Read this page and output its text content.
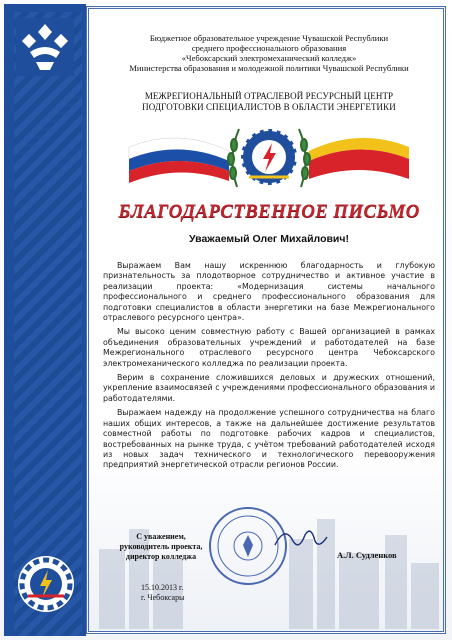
Бюджетное образовательное учреждение Чувашской Республики
среднего профессионального образования
«Чебоксарский электромеханический колледж»
Министерства образования и молодежной политики Чувашской Республики
МЕЖРЕГИОНАЛЬНЫЙ ОТРАСЛЕВОЙ РЕСУРСНЫЙ ЦЕНТР
ПОДГОТОВКИ СПЕЦИАЛИСТОВ В ОБЛАСТИ ЭНЕРГЕТИКИ
БЛАГОДАРСТВЕННОЕ ПИСЬМО
Уважаемый Олег Михайлович!

Выражаем Вам нашу искреннюю благодарность и глубокую признательность за плодотворное сотрудничество и активное участие в реализации проекта: «Модернизация системы начального профессионального и среднего профессионального образования для подготовки специалистов в области энергетики на базе Межрегионального отраслевого ресурсного центра».

Мы высоко ценим совместную работу с Вашей организацией в рамках объединения образовательных учреждений и работодателей на базе Межрегионального отраслевого ресурсного центра Чебоксарского электромеханического колледжа по реализации проекта.

Верим в сохранение сложившихся деловых и дружеских отношений, укрепление взаимосвязей с учреждениями профессионального образования и работодателями.

Выражаем надежду на продолжение успешного сотрудничества на благо наших общих интересов, а также на дальнейшее достижение результатов совместной работы по подготовке рабочих кадров и специалистов, востребованных на рынке труда, с учётом требований работодателей исходя из новых задач технического и технологического перевооружения предприятий энергетической отрасли регионов России.

С уважением,
руководитель проекта,
директор колледжа	А.Л. Судленков
15.10.2013 г.
г. Чебоксары
